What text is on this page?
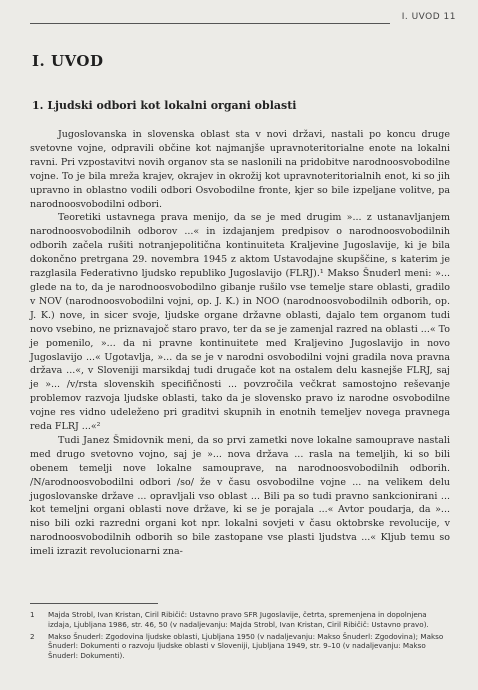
I. UVOD 11
I. UVOD
1. Ljudski odbori kot lokalni organi oblasti

Jugoslovanska in slovenska oblast sta v novi državi, nastali po koncu druge svetovne vojne, odpravili občine kot najmanjše upravnoteritorialne enote na lokalni ravni. Pri vzpostavitvi novih organov sta se naslonili na pridobitve narodnoosvobodilne vojne. To je bila mreža krajev, okrajev in okrožij kot upravnoteritorialnih enot, ki so jih upravno in oblastno vodili odbori Osvobodilne fronte, kjer so bile izpeljane volitve, pa narodnoosvobodilni odbori.

Teoretiki ustavnega prava menijo, da se je med drugim »... z ustanavljanjem narodnoosvobodilnih odborov ...« in izdajanjem predpisov o narodnoosvobodilnih odborih začela rušiti notranjepolitična kontinuiteta Kraljevine Jugoslavije, ki je bila dokončno pretrgana 29. novembra 1945 z aktom Ustavodajne skupščine, s katerim je razglasila Federativno ljudsko republiko Jugoslavijo (FLRJ).¹ Makso Šnuderl meni: »... glede na to, da je narodnoosvobodilno gibanje rušilo vse temelje stare oblasti, gradilo v NOV (narodnoosvobodilni vojni, op. J. K.) in NOO (narodnoosvobodilnih odborih, op. J. K.) nove, in sicer svoje, ljudske organe državne oblasti, dajalo tem organom tudi novo vsebino, ne priznavajoč staro pravo, ter da se je zamenjal razred na oblasti ...« To je pomenilo, »... da ni pravne kontinuitete med Kraljevino Jugoslavijo in novo Jugoslavijo ...« Ugotavlja, »... da se je v narodni osvobodilni vojni gradila nova pravna država ...«, v Sloveniji marsikdaj tudi drugače kot na ostalem delu kasnejše FLRJ, saj je »... /v/rsta slovenskih specifičnosti ... povzročila večkrat samostojno reševanje problemov razvoja ljudske oblasti, tako da je slovensko pravo iz narodne osvobodilne vojne res vidno udeleženo pri graditvi skupnih in enotnih temeljev novega pravnega reda FLRJ ...«²

Tudi Janez Šmidovnik meni, da so prvi zametki nove lokalne samouprave nastali med drugo svetovno vojno, saj je »... nova država ... rasla na temeljih, ki so bili obenem temelji nove lokalne samouprave, na narodnoosvobodilnih odborih. /N/arodnoosvobodilni odbori /so/ že v času osvobodilne vojne ... na velikem delu jugoslovanske države ... opravljali vso oblast ... Bili pa so tudi pravno sankcionirani ... kot temeljni organi oblasti nove države, ki se je porajala ...« Avtor poudarja, da »... niso bili ozki razredni organi kot npr. lokalni sovjeti v času oktobrske revolucije, v narodnoosvobodilnih odborih so bile zastopane vse plasti ljudstva ...« Kljub temu so imeli izrazit revolucionarni zna-

1	Majda Strobl, Ivan Kristan, Ciril Ribičič: Ustavno pravo SFR Jugoslavije, četrta, spremenjena in dopolnjena izdaja, Ljubljana 1986, str. 46, 50 (v nadaljevanju: Majda Strobl, Ivan Kristan, Ciril Ribičič: Ustavno pravo).
2	Makso Šnuderl: Zgodovina ljudske oblasti, Ljubljana 1950 (v nadaljevanju: Makso Šnuderl: Zgodovina); Makso Šnuderl: Dokumenti o razvoju ljudske oblasti v Sloveniji, Ljubljana 1949, str. 9–10 (v nadaljevanju: Makso Šnuderl: Dokumenti).
